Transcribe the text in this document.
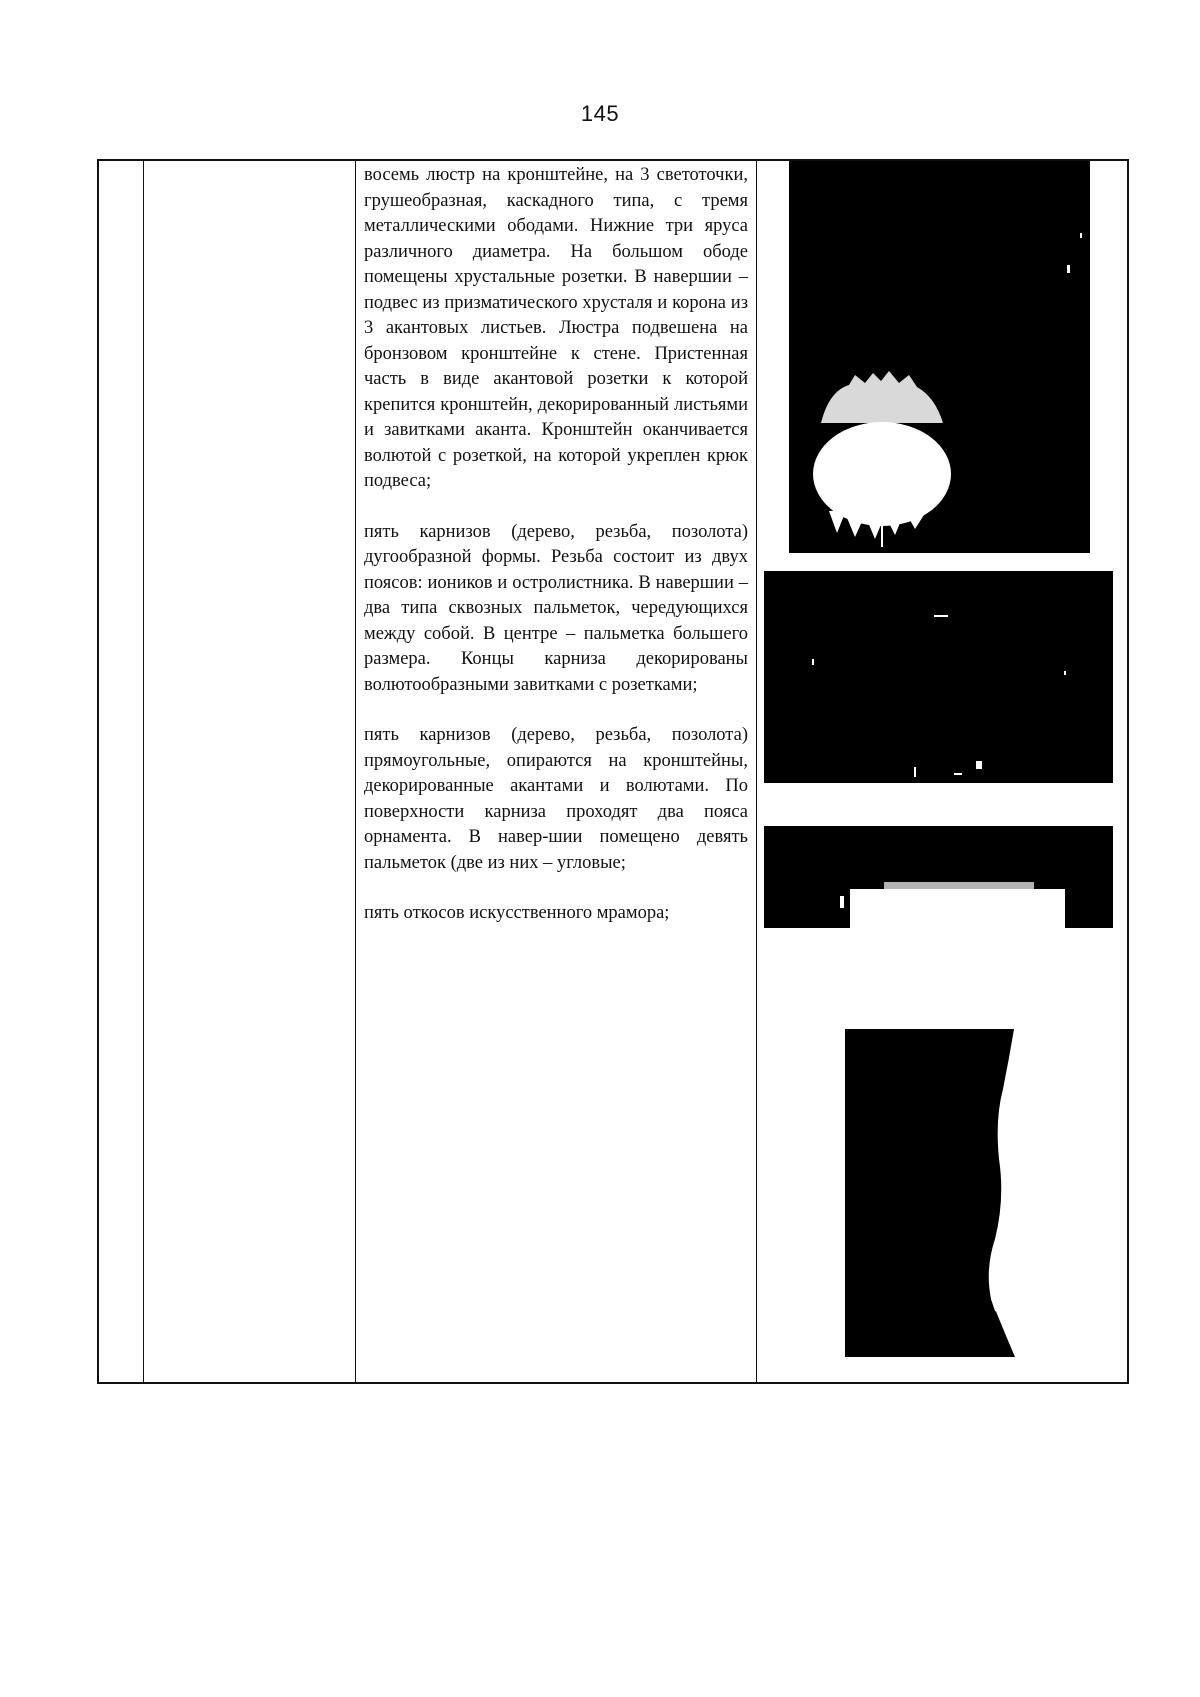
145

восемь люстр на кронштейне, на 3 светоточки, грушеобразная, каскадного типа, с тремя металлическими ободами. Нижние три яруса различного диаметра. На большом ободе помещены хрустальные розетки. В навершии – подвес из призматического хрусталя и корона из 3 акантовых листьев. Люстра подвешена на бронзовом кронштейне к стене. Пристенная часть в виде акантовой розетки к которой крепится кронштейн, декорированный листьями и завитками аканта. Кронштейн оканчивается волютой с розеткой, на которой укреплен крюк подвеса;

пять карнизов (дерево, резьба, позолота) дугообразной формы. Резьба состоит из двух поясов: иоников и остролистника. В навершии – два типа сквозных пальметок, чередующихся между собой. В центре – пальметка большего размера. Концы карниза декорированы волютообразными завитками с розетками;

пять карнизов (дерево, резьба, позолота) прямоугольные, опираются на кронштейны, декорированные акантами и волютами. По поверхности карниза проходят два пояса орнамента. В навер-шии помещено девять пальметок (две из них – угловые;

пять откосов искусственного мрамора;
